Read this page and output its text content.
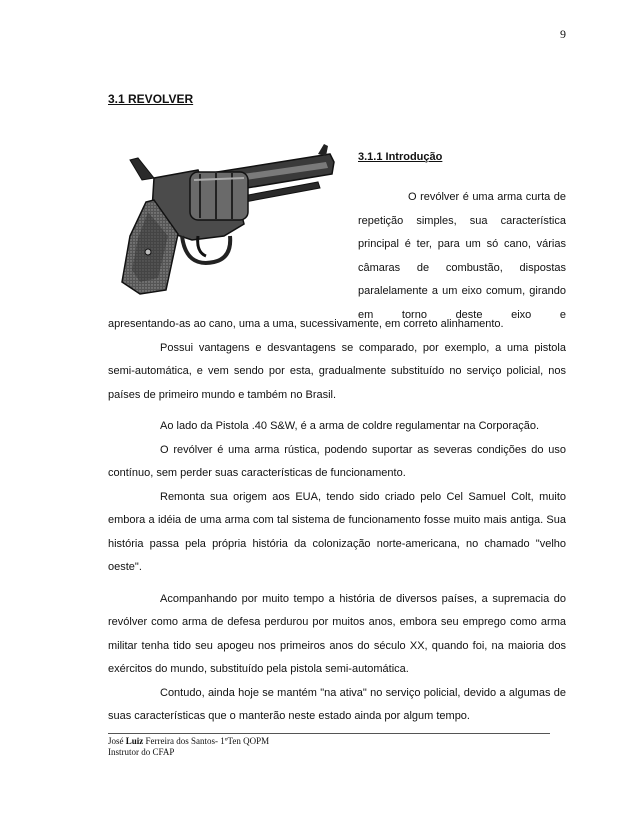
9
3.1 REVOLVER
3.1.1 Introdução

O revólver é uma arma curta de repetição simples, sua característica principal é ter, para um só cano, várias câmaras de combustão, dispostas paralelamente a um eixo comum, girando em torno deste eixo e

apresentando-as ao cano, uma a uma, sucessivamente, em correto alinhamento.

Possui vantagens e desvantagens se comparado, por exemplo, a uma pistola semi-automática, e vem sendo por esta, gradualmente substituído no serviço policial, nos países de primeiro mundo e também no Brasil.

Ao lado da Pistola .40 S&W, é a arma de coldre regulamentar na Corporação.

O revólver é uma arma rústica, podendo suportar as severas condições do uso contínuo, sem perder suas características de funcionamento.

Remonta sua origem aos EUA, tendo sido criado pelo Cel Samuel Colt, muito embora a idéia de uma arma com tal sistema de funcionamento fosse muito mais antiga. Sua história passa pela própria história da colonização norte-americana, no chamado "velho oeste".

Acompanhando por muito tempo a história de diversos países, a supremacia do revólver como arma de defesa perdurou por muitos anos, embora seu emprego como arma militar tenha tido seu apogeu nos primeiros anos do século XX, quando foi, na maioria dos exércitos do mundo, substituído pela pistola semi-automática.

Contudo, ainda hoje se mantém "na ativa" no serviço policial, devido a algumas de suas características que o manterão neste estado ainda por algum tempo.

José Luiz Ferreira dos Santos- 1ºTen QOPM
Instrutor do CFAP
